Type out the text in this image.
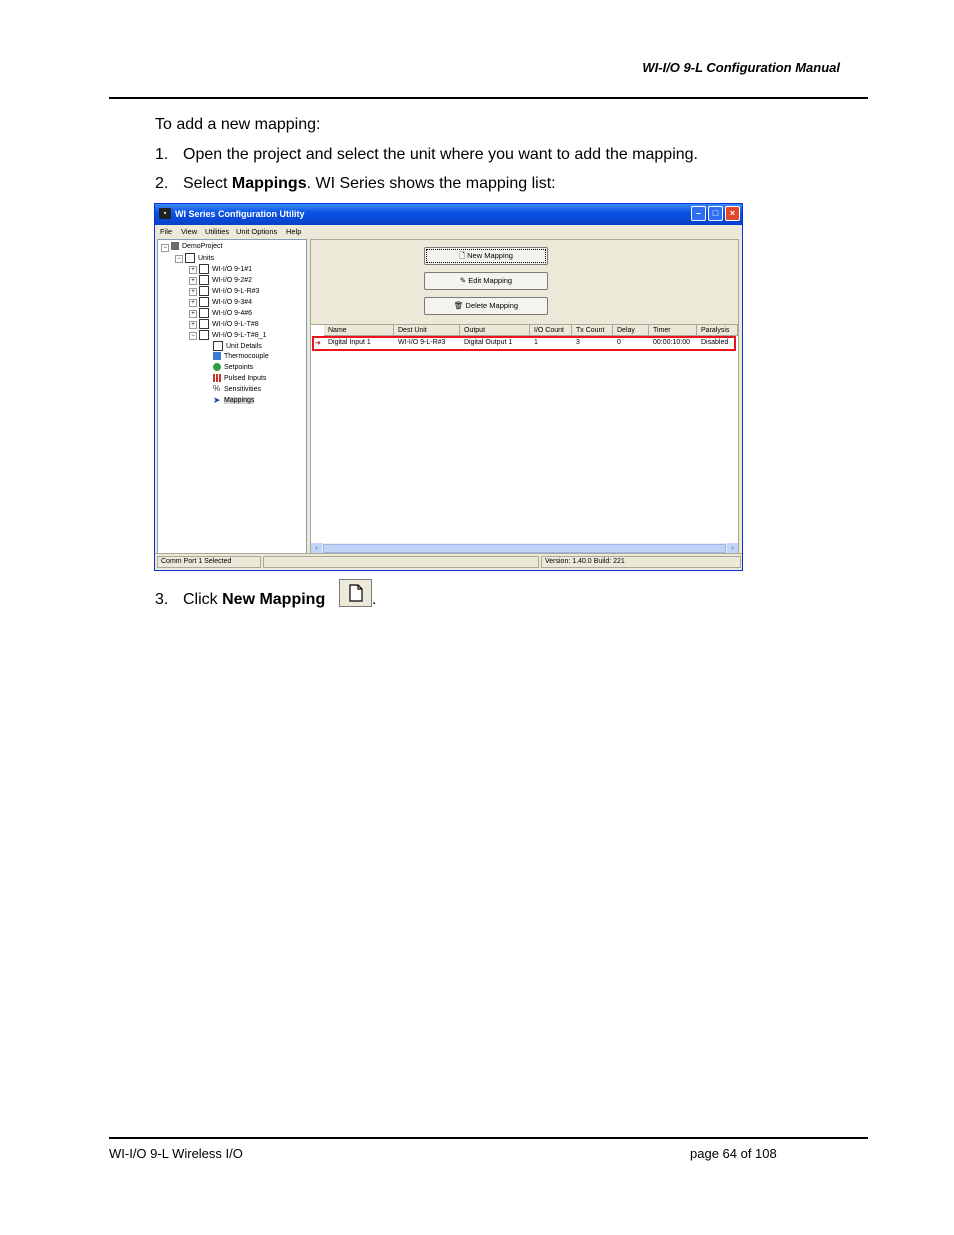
WI-I/O 9-L Configuration Manual
To add a new mapping:
1. Open the project and select the unit where you want to add the mapping.
2. Select Mappings. WI Series shows the mapping list:
▪ WI Series Configuration Utility	–	□	×
File View Utilities Unit Options Help
−	DemoProject
−	Units
+	WI-I/O 9-1#1
+	WI-I/O 9-2#2
+	WI-I/O 9-L-R#3
+	WI-I/O 9-3#4
+	WI-I/O 9-4#6
+	WI-I/O 9-L-T#8
−	WI-I/O 9-L-T#8_1
Unit Details
Thermocouple
Setpoints
Pulsed Inputs
% Sensitivities
➤ Mappings
🗋 New Mapping
✎ Edit Mapping
🗑 Delete Mapping
Name	Dest Unit	Output	I/O Count	Tx Count	Delay	Timer	Paralysis
➜ Digital Input 1	WI-I/O 9-L-R#3	Digital Output 1	1	3	0	00:00:10:00 Disabled
‹	›
Comm Port 1 Selected	Version: 1.40.0 Build: 221
3. Click New Mapping	.
WI-I/O 9-L Wireless I/O	page 64 of 108
